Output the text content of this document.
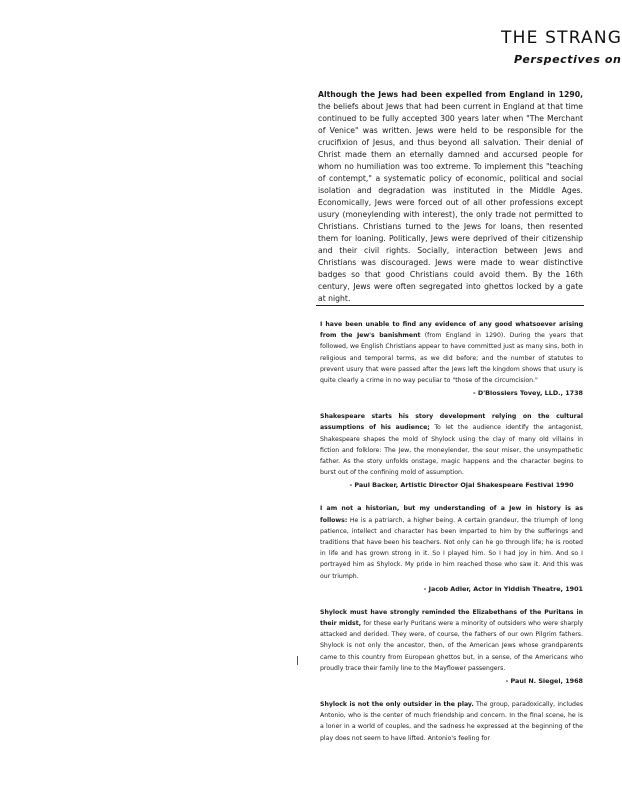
THE STRANG
Perspectives on
Although the Jews had been expelled from England in 1290, the beliefs about Jews that had been current in England at that time continued to be fully accepted 300 years later when "The Merchant of Venice" was written. Jews were held to be responsible for the crucifixion of Jesus, and thus beyond all salvation. Their denial of Christ made them an eternally damned and accursed people for whom no humiliation was too extreme. To implement this "teaching of contempt," a systematic policy of economic, political and social isolation and degradation was instituted in the Middle Ages. Economically, Jews were forced out of all other professions except usury (moneylending with interest), the only trade not permitted to Christians. Christians turned to the Jews for loans, then resented them for loaning. Politically, Jews were deprived of their citizenship and their civil rights. Socially, interaction between Jews and Christians was discouraged. Jews were made to wear distinctive badges so that good Christians could avoid them. By the 16th century, Jews were often segregated into ghettos locked by a gate at night.
I have been unable to find any evidence of any good whatsoever arising from the Jew's banishment (from England in 1290). During the years that followed, we English Christians appear to have committed just as many sins, both in religious and temporal terms, as we did before; and the number of statutes to prevent usury that were passed after the Jews left the kingdom shows that usury is quite clearly a crime in no way peculiar to "those of the circumcision."
- D'Blossiers Tovey, LLD., 1738
Shakespeare starts his story development relying on the cultural assumptions of his audience; To let the audience identify the antagonist, Shakespeare shapes the mold of Shylock using the clay of many old villains in fiction and folklore: The Jew, the moneylender, the sour miser, the unsympathetic father. As the story unfolds onstage, magic happens and the character begins to burst out of the confining mold of assumption.
- Paul Backer, Artistic Director Ojai Shakespeare Festival 1990
I am not a historian, but my understanding of a Jew in history is as follows: He is a patriarch, a higher being. A certain grandeur, the triumph of long patience, intellect and character has been imparted to him by the sufferings and traditions that have been his teachers. Not only can he go through life; he is rooted in life and has grown strong in it. So I played him. So I had joy in him. And so I portrayed him as Shylock. My pride in him reached those who saw it. And this was our triumph.
- Jacob Adler, Actor in Yiddish Theatre, 1901
Shylock must have strongly reminded the Elizabethans of the Puritans in their midst, for these early Puritans were a minority of outsiders who were sharply attacked and derided. They were, of course, the fathers of our own Pilgrim fathers. Shylock is not only the ancestor, then, of the American Jews whose grandparents came to this country from European ghettos but, in a sense, of the Americans who proudly trace their family line to the Mayflower passengers.
- Paul N. Siegel, 1968
Shylock is not the only outsider in the play. The group, paradoxically, includes Antonio, who is the center of much friendship and concern. In the final scene, he is a loner in a world of couples, and the sadness he expressed at the beginning of the play does not seem to have lifted. Antonio's feeling for
